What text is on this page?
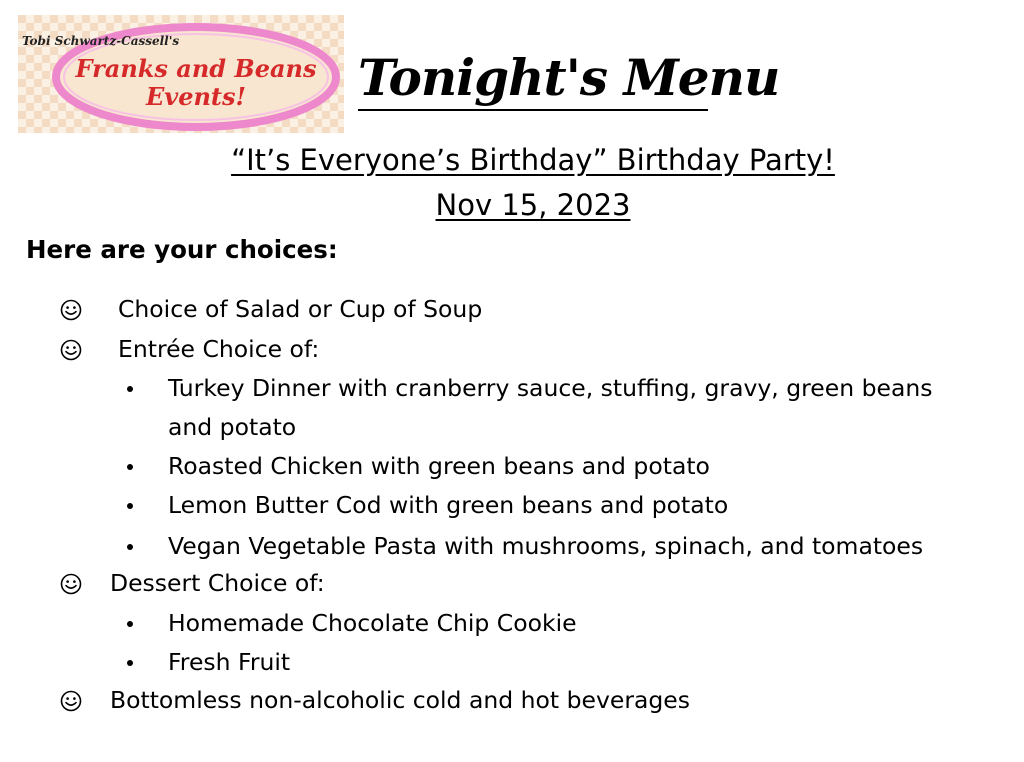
Tobi Schwartz-Cassell's
Franks and Beans
Events! Tonight's Menu
“It’s Everyone’s Birthday” Birthday Party!
Nov 15, 2023
Here are your choices:
Choice of Salad or Cup of Soup
Entrée Choice of:
Turkey Dinner with cranberry sauce, stuffing, gravy, green beans
and potato
Roasted Chicken with green beans and potato
Lemon Butter Cod with green beans and potato
Vegan Vegetable Pasta with mushrooms, spinach, and tomatoes
Dessert Choice of:
Homemade Chocolate Chip Cookie
Fresh Fruit
Bottomless non-alcoholic cold and hot beverages
